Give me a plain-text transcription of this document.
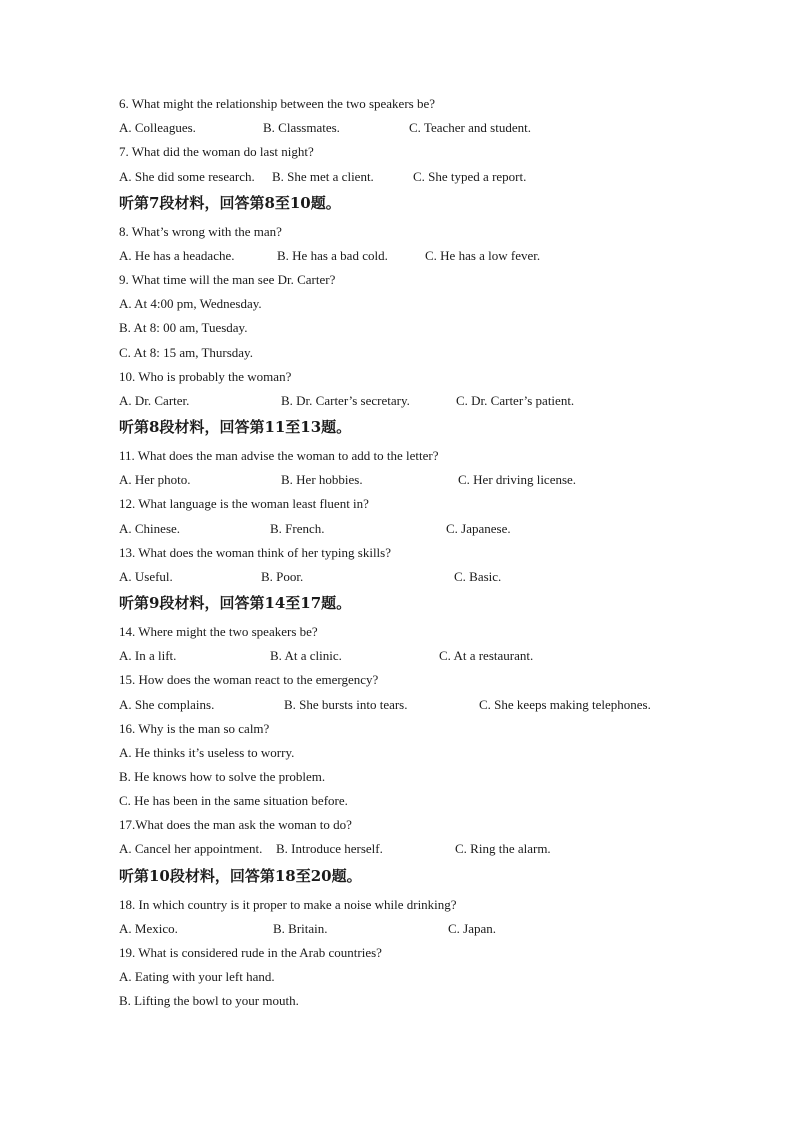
6. What might the relationship between the two speakers be?
A. Colleagues.	B. Classmates.	C. Teacher and student.
7. What did the woman do last night?
A. She did some research. B. She met a client.	C. She typed a report.
听第7段材料，回答第8至10题。
8. What’s wrong with the man?
A. He has a headache.	B. He has a bad cold.	C. He has a low fever.
9. What time will the man see Dr. Carter?
A. At 4:00 pm, Wednesday.
B. At 8: 00 am, Tuesday.
C. At 8: 15 am, Thursday.
10. Who is probably the woman?
A. Dr. Carter.	B. Dr. Carter’s secretary.	C. Dr. Carter’s patient.
听第8段材料，回答第11至13题。
11. What does the man advise the woman to add to the letter?
A. Her photo.	B. Her hobbies.	C. Her driving license.
12. What language is the woman least fluent in?
A. Chinese.	B. French.	C. Japanese.
13. What does the woman think of her typing skills?
A. Useful.	B. Poor.	C. Basic.
听第9段材料，回答第14至17题。
14. Where might the two speakers be?
A. In a lift.	B. At a clinic.	C. At a restaurant.
15. How does the woman react to the emergency?
A. She complains.	B. She bursts into tears.	C. She keeps making telephones.
16. Why is the man so calm?
A. He thinks it’s useless to worry.
B. He knows how to solve the problem.
C. He has been in the same situation before.
17.What does the man ask the woman to do?
A. Cancel her appointment. B. Introduce herself.	C. Ring the alarm.
听第10段材料，回答第18至20题。
18. In which country is it proper to make a noise while drinking?
A. Mexico.	B. Britain.	C. Japan.
19. What is considered rude in the Arab countries?
A. Eating with your left hand.
B. Lifting the bowl to your mouth.
